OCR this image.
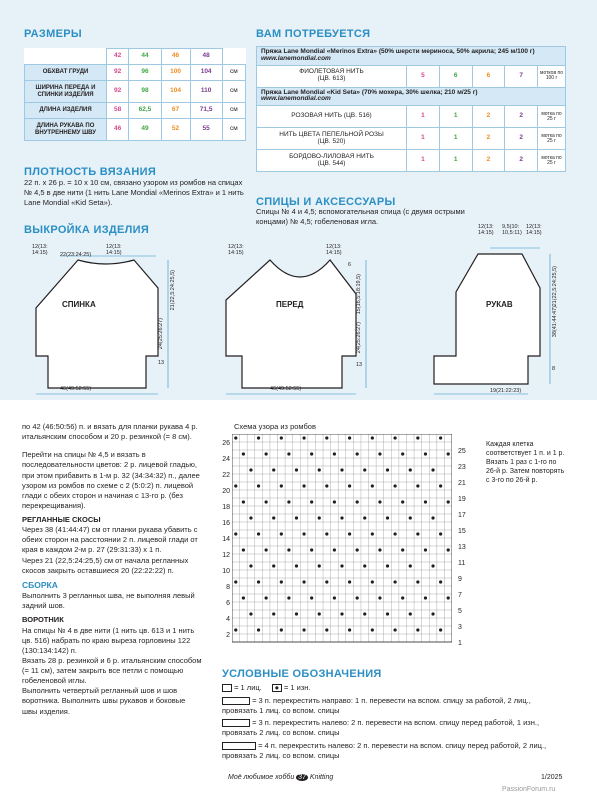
РАЗМЕРЫ
	42	44	46	48	
ОБХВАТ ГРУДИ	92	96	100	104	см
ШИРИНА ПЕРЕДА И СПИНКИ ИЗДЕЛИЯ	92	98	104	110	см
ДЛИНА ИЗДЕЛИЯ	58	62,5	67	71,5	см
ДЛИНА РУКАВА ПО ВНУТРЕННЕМУ ШВУ	46	49	52	55	см
ВАМ ПОТРЕБУЕТСЯ
Пряжа Lane Mondial «Merinos Extra» (50% шерсти мериноса, 50% акрила; 245 м/100 г)
www.lanemondial.com					
ФИОЛЕТОВАЯ НИТЬ
(ЦВ. 613)	5	6	6	7	мотков по 100 г
Пряжа Lane Mondial «Kid Seta» (70% мохера, 30% шелка; 210 м/25 г)
www.lanemondial.com					
РОЗОВАЯ НИТЬ (ЦВ. 516)	1	1	2	2	мотка по 25 г
НИТЬ ЦВЕТА ПЕПЕЛЬНОЙ РОЗЫ
(ЦВ. 520)	1	1	2	2	мотка по 25 г
БОРДОВО-ЛИЛОВАЯ НИТЬ
(ЦВ. 544)	1	1	2	2	мотка по 25 г
ПЛОТНОСТЬ ВЯЗАНИЯ
22 п. х 26 р. = 10 х 10 см, связано узором из ромбов на спицах № 4,5 в две нити (1 нить Lane Mondial «Merinos Extra» и 1 нить Lane Mondial «Kid Seta»).	СПИЦЫ И АКСЕССУАРЫ
Спицы № 4 и 4,5; вспомогательная спица (с двумя острыми концами) № 4,5; гобеленовая игла.
ВЫКРОЙКА ИЗДЕЛИЯ
СПИНКА	ПЕРЕД	РУКАВ
22(23:24:25)
12(13: 14:15)
12(13: 14:15)
21(22,5:24:25,5)
24(25:26:27)
13
46(49:52:55)
12(13: 14:15)
12(13: 14:15)
6
15(16,5:18:19,5)
24(25:26:27)
13
46(49:52:55)
12(13: 14:15)
9,5(10: 10,5:11)
12(13: 14:15)
21(22,5:24:25,5)
38(41:44:47)
8
19(21:22:23)

по 42 (46:50:56) п. и вязать для планки рукава 4 р. итальянским способом и 20 р. резинкой (= 8 см).

Перейти на спицы № 4,5 и вязать в последовательности цветов: 2 р. лицевой гладью, при этом прибавить в 1-м р. 32 (34:34:32) п., далее узором из ромбов по схеме с 2 (5:0:2) п. лицевой глади с обеих сторон и начиная с 13-го р. (без перекрещивания).

РЕГЛАННЫЕ СКОСЫ

Через 38 (41:44:47) см от планки рукава убавить с обеих сторон на расстоянии 2 п. лицевой глади от края в каждом 2-м р. 27 (29:31:33) х 1 п.

Через 21 (22,5:24:25,5) см от начала регланных скосов закрыть оставшиеся 20 (22:22:22) п.

СБОРКА

Выполнить 3 регланных шва, не выполняя левый задний шов.

ВОРОТНИК

На спицы № 4 в две нити (1 нить цв. 613 и 1 нить цв. 516) набрать по краю выреза горловины 122 (130:134:142) п.

Вязать 28 р. резинкой и 6 р. итальянским способом (= 11 см), затем закрыть все петли с помощью гобеленовой иглы.

Выполнить четвертый регланный шов и шов воротника. Выполнить швы рукавов и боковые швы изделия.

Схема узора из ромбов
26
24
22
20
18
16
14
12
10
8
6
4
2
25
23
21
19
17
15
13
11
9
7
5
3
1
Каждая клетка соответствует 1 п. и 1 р. Вязать 1 раз с 1-го по 26-й р. Затем повторять с 3-го по 26-й р.
УСЛОВНЫЕ ОБОЗНАЧЕНИЯ
= 1 лиц. ● = 1 изн.
= 3 п. перекрестить направо: 1 п. перевести на вспом. спицу за работой, 2 лиц., провязать 1 лиц. со вспом. спицы
= 3 п. перекрестить налево: 2 п. перевести на вспом. спицу перед работой, 1 изн., провязать 2 лиц. со вспом. спицы
= 4 п. перекрестить налево: 2 п. перевести на вспом. спицу перед работой, 2 лиц., провязать 2 лиц. со вспом. спицы
Моё любимое хобби 37 Knitting	1/2025
PassionForum.ru
